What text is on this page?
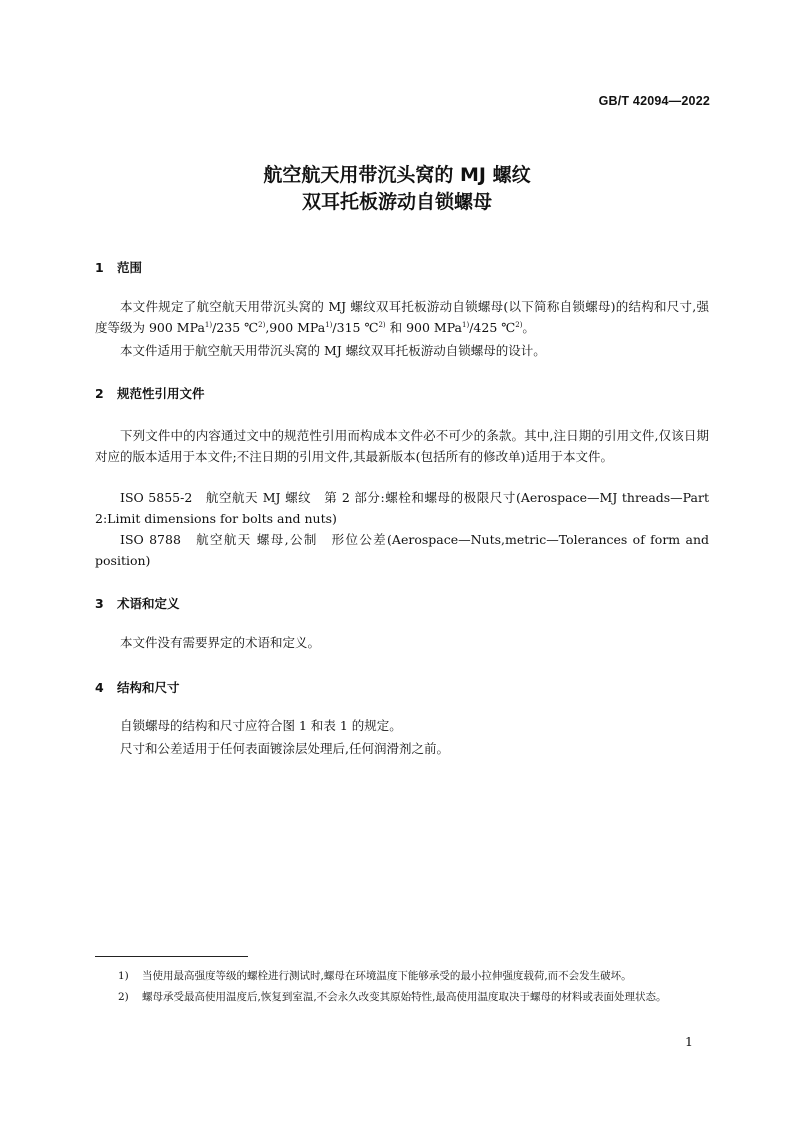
GB/T 42094—2022
航空航天用带沉头窝的 MJ 螺纹
双耳托板游动自锁螺母
1 范围
本文件规定了航空航天用带沉头窝的 MJ 螺纹双耳托板游动自锁螺母(以下简称自锁螺母)的结构和尺寸,强度等级为 900 MPa$^{1)}$/235 ℃$^{2)}$,900 MPa$^{1)}$/315 ℃$^{2)}$ 和 900 MPa$^{1)}$/425 ℃$^{2)}$。
本文件适用于航空航天用带沉头窝的 MJ 螺纹双耳托板游动自锁螺母的设计。
2 规范性引用文件
下列文件中的内容通过文中的规范性引用而构成本文件必不可少的条款。其中,注日期的引用文件,仅该日期对应的版本适用于本文件;不注日期的引用文件,其最新版本(包括所有的修改单)适用于本文件。
ISO 5855-2　航空航天 MJ 螺纹　第 2 部分:螺栓和螺母的极限尺寸(Aerospace—MJ threads—Part 2:Limit dimensions for bolts and nuts)
ISO 8788　航空航天 螺母,公制　形位公差(Aerospace—Nuts,metric—Tolerances of form and position)
3 术语和定义
本文件没有需要界定的术语和定义。
4 结构和尺寸
自锁螺母的结构和尺寸应符合图 1 和表 1 的规定。
尺寸和公差适用于任何表面镀涂层处理后,任何润滑剂之前。
1)	当使用最高强度等级的螺栓进行测试时,螺母在环境温度下能够承受的最小拉伸强度载荷,而不会发生破坏。
2)	螺母承受最高使用温度后,恢复到室温,不会永久改变其原始特性,最高使用温度取决于螺母的材料或表面处理状态。
1
